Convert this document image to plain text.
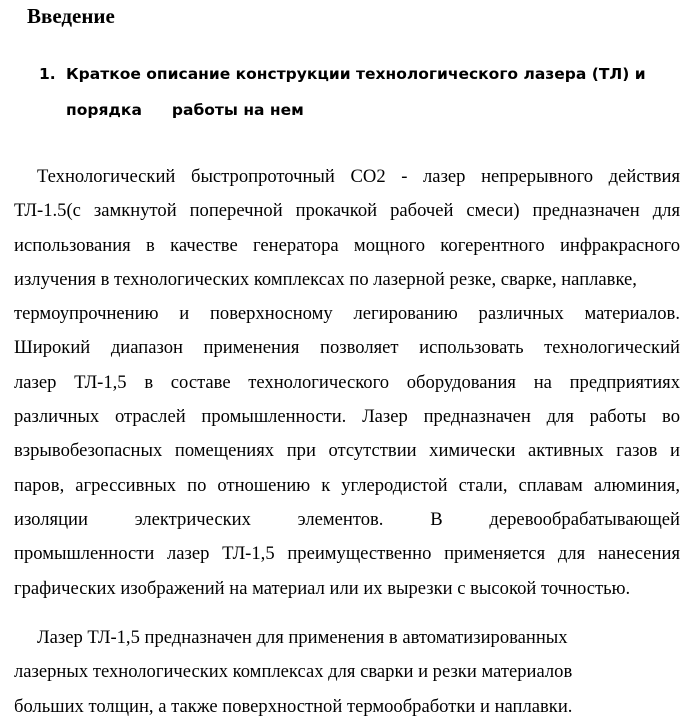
Введение
1. Краткое описание конструкции технологического лазера (ТЛ) и
порядка работы на нем
Технологический быстропроточный СО2 - лазер непрерывного действия
ТЛ-1.5(с замкнутой поперечной прокачкой рабочей смеси) предназначен для
использования в качестве генератора мощного когерентного инфракрасного
излучения в технологических комплексах по лазерной резке, сварке, наплавке,
термоупрочнению и поверхносному легированию различных материалов.
Широкий диапазон применения позволяет использовать технологический
лазер ТЛ-1,5 в составе технологического оборудования на предприятиях
различных отраслей промышленности. Лазер предназначен для работы во
взрывобезопасных помещениях при отсутствии химически активных газов и
паров, агрессивных по отношению к углеродистой стали, сплавам алюминия,
изоляции электрических элементов. В деревообрабатывающей
промышленности лазер ТЛ-1,5 преимущественно применяется для нанесения
графических изображений на материал или их вырезки с высокой точностью.
Лазер ТЛ-1,5 предназначен для применения в автоматизированных
лазерных технологических комплексах для сварки и резки материалов
больших толщин, а также поверхностной термообработки и наплавки.
